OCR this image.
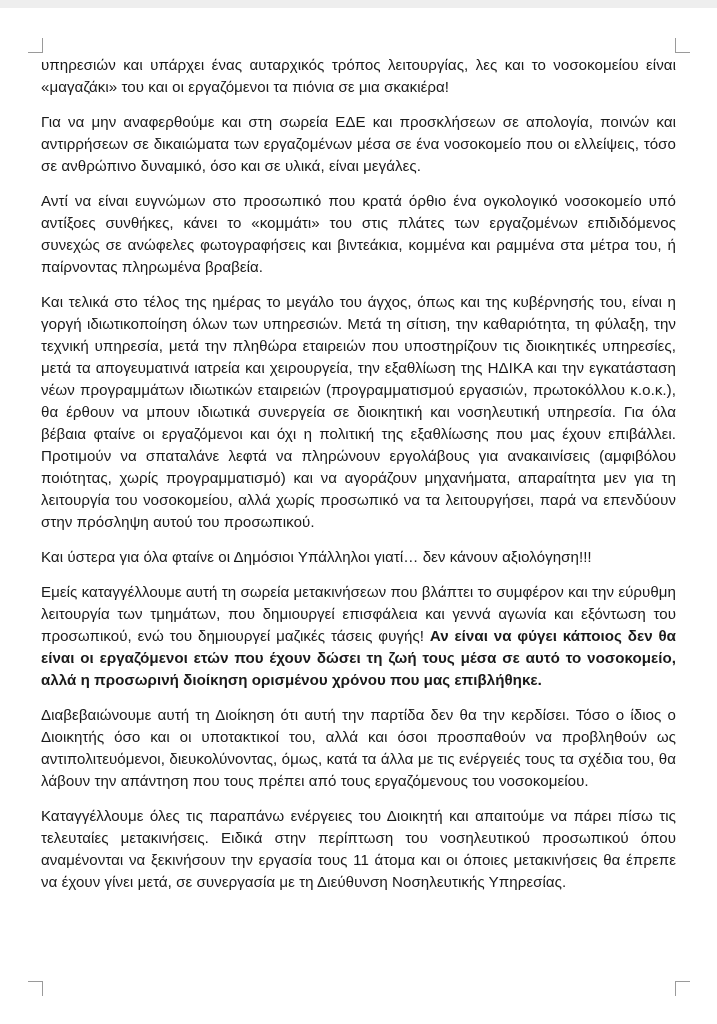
υπηρεσιών και υπάρχει ένας αυταρχικός τρόπος λειτουργίας, λες και το νοσοκομείου είναι «μαγαζάκι» του και οι εργαζόμενοι τα πιόνια σε μια σκακιέρα!

Για να μην αναφερθούμε και στη σωρεία ΕΔΕ και προσκλήσεων σε απολογία, ποινών και αντιρρήσεων σε δικαιώματα των εργαζομένων μέσα σε ένα νοσοκομείο που οι ελλείψεις, τόσο σε ανθρώπινο δυναμικό, όσο και σε υλικά, είναι μεγάλες.

Αντί να είναι ευγνώμων στο προσωπικό που κρατά όρθιο ένα ογκολογικό νοσοκομείο υπό αντίξοες συνθήκες, κάνει το «κομμάτι» του στις πλάτες των εργαζομένων επιδιδόμενος συνεχώς σε ανώφελες φωτογραφήσεις και βιντεάκια, κομμένα και ραμμένα στα μέτρα του, ή παίρνοντας πληρωμένα βραβεία.

Και τελικά στο τέλος της ημέρας το μεγάλο του άγχος, όπως και της κυβέρνησής του, είναι η γοργή ιδιωτικοποίηση όλων των υπηρεσιών. Μετά τη σίτιση, την καθαριότητα, τη φύλαξη, την τεχνική υπηρεσία, μετά την πληθώρα εταιρειών που υποστηρίζουν τις διοικητικές υπηρεσίες, μετά τα απογευματινά ιατρεία και χειρουργεία, την εξαθλίωση της ΗΔΙΚΑ και την εγκατάσταση νέων προγραμμάτων ιδιωτικών εταιρειών (προγραμματισμού εργασιών, πρωτοκόλλου κ.ο.κ.), θα έρθουν να μπουν ιδιωτικά συνεργεία σε διοικητική και νοσηλευτική υπηρεσία. Για όλα βέβαια φταίνε οι εργαζόμενοι και όχι η πολιτική της εξαθλίωσης που μας έχουν επιβάλλει. Προτιμούν να σπαταλάνε λεφτά να πληρώνουν εργολάβους για ανακαινίσεις (αμφιβόλου ποιότητας, χωρίς προγραμματισμό) και να αγοράζουν μηχανήματα, απαραίτητα μεν για τη λειτουργία του νοσοκομείου, αλλά χωρίς προσωπικό να τα λειτουργήσει, παρά να επενδύουν στην πρόσληψη αυτού του προσωπικού.

Και ύστερα για όλα φταίνε οι Δημόσιοι Υπάλληλοι γιατί… δεν κάνουν αξιολόγηση!!!

Εμείς καταγγέλλουμε αυτή τη σωρεία μετακινήσεων που βλάπτει το συμφέρον και την εύρυθμη λειτουργία των τμημάτων, που δημιουργεί επισφάλεια και γεννά αγωνία και εξόντωση του προσωπικού, ενώ του δημιουργεί μαζικές τάσεις φυγής! Αν είναι να φύγει κάποιος δεν θα είναι οι εργαζόμενοι ετών που έχουν δώσει τη ζωή τους μέσα σε αυτό το νοσοκομείο, αλλά η προσωρινή διοίκηση ορισμένου χρόνου που μας επιβλήθηκε.

Διαβεβαιώνουμε αυτή τη Διοίκηση ότι αυτή την παρτίδα δεν θα την κερδίσει. Τόσο ο ίδιος ο Διοικητής όσο και οι υποτακτικοί του, αλλά και όσοι προσπαθούν να προβληθούν ως αντιπολιτευόμενοι, διευκολύνοντας, όμως, κατά τα άλλα με τις ενέργειές τους τα σχέδια του, θα λάβουν την απάντηση που τους πρέπει από τους εργαζόμενους του νοσοκομείου.

Καταγγέλλουμε όλες τις παραπάνω ενέργειες του Διοικητή και απαιτούμε να πάρει πίσω τις τελευταίες μετακινήσεις. Ειδικά στην περίπτωση του νοσηλευτικού προσωπικού όπου αναμένονται να ξεκινήσουν την εργασία τους 11 άτομα και οι όποιες μετακινήσεις θα έπρεπε να έχουν γίνει μετά, σε συνεργασία με τη Διεύθυνση Νοσηλευτικής Υπηρεσίας.
